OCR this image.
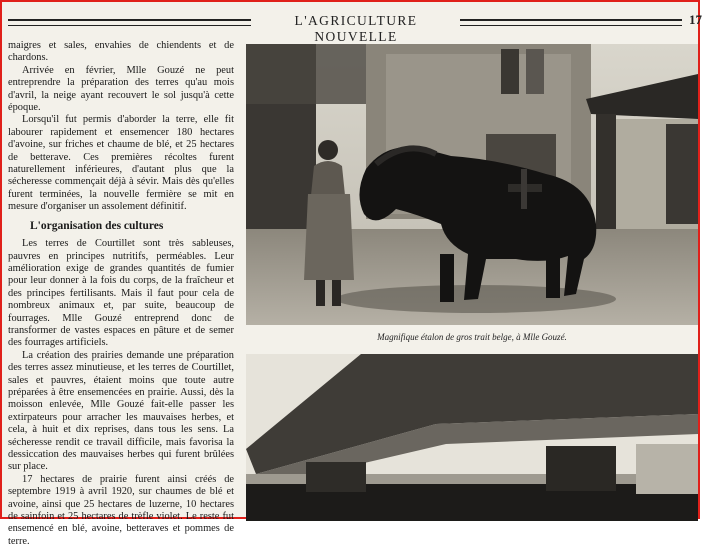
L'AGRICULTURE NOUVELLE
17

maigres et sales, envahies de chiendents et de chardons.

Arrivée en février, Mlle Gouzé ne peut entreprendre la préparation des terres qu'au mois d'avril, la neige ayant recouvert le sol jusqu'à cette époque.

Lorsqu'il fut permis d'aborder la terre, elle fit labourer rapidement et ensemencer 180 hectares d'avoine, sur friches et chaume de blé, et 25 hectares de betterave. Ces premières récoltes furent naturellement inférieures, d'autant plus que la sécheresse commençait déjà à sévir. Mais dès qu'elles furent terminées, la nouvelle fermière se mit en mesure d'organiser un assolement définitif.

L'organisation des cultures

Les terres de Courtillet sont très sableuses, pauvres en principes nutritifs, perméables. Leur amélioration exige de grandes quantités de fumier pour leur donner à la fois du corps, de la fraîcheur et des principes fertilisants. Mais il faut pour cela de nombreux animaux et, par suite, beaucoup de fourrages. Mlle Gouzé entreprend donc de transformer de vastes espaces en pâture et de semer des fourrages artificiels.

La création des prairies demande une préparation des terres assez minutieuse, et les terres de Courtillet, sales et pauvres, étaient moins que toute autre préparées à être ensemencées en prairie. Aussi, dès la moisson enlevée, Mlle Gouzé fait-elle passer les extirpateurs pour arracher les mauvaises herbes, et cela, à huit et dix reprises, dans tous les sens. La sécheresse rendit ce travail difficile, mais favorisa la dessiccation des mauvaises herbes qui furent brûlées sur place.

17 hectares de prairie furent ainsi créés de septembre 1919 à avril 1920, sur chaumes de blé et avoine, ainsi que 25 hectares de luzerne, 10 hectares de sainfoin et 25 hectares de trèfle violet. Le reste fut ensemencé en blé, avoine, betteraves et pommes de terre.

Magnifique étalon de gros trait belge, à Mlle Gouzé.
